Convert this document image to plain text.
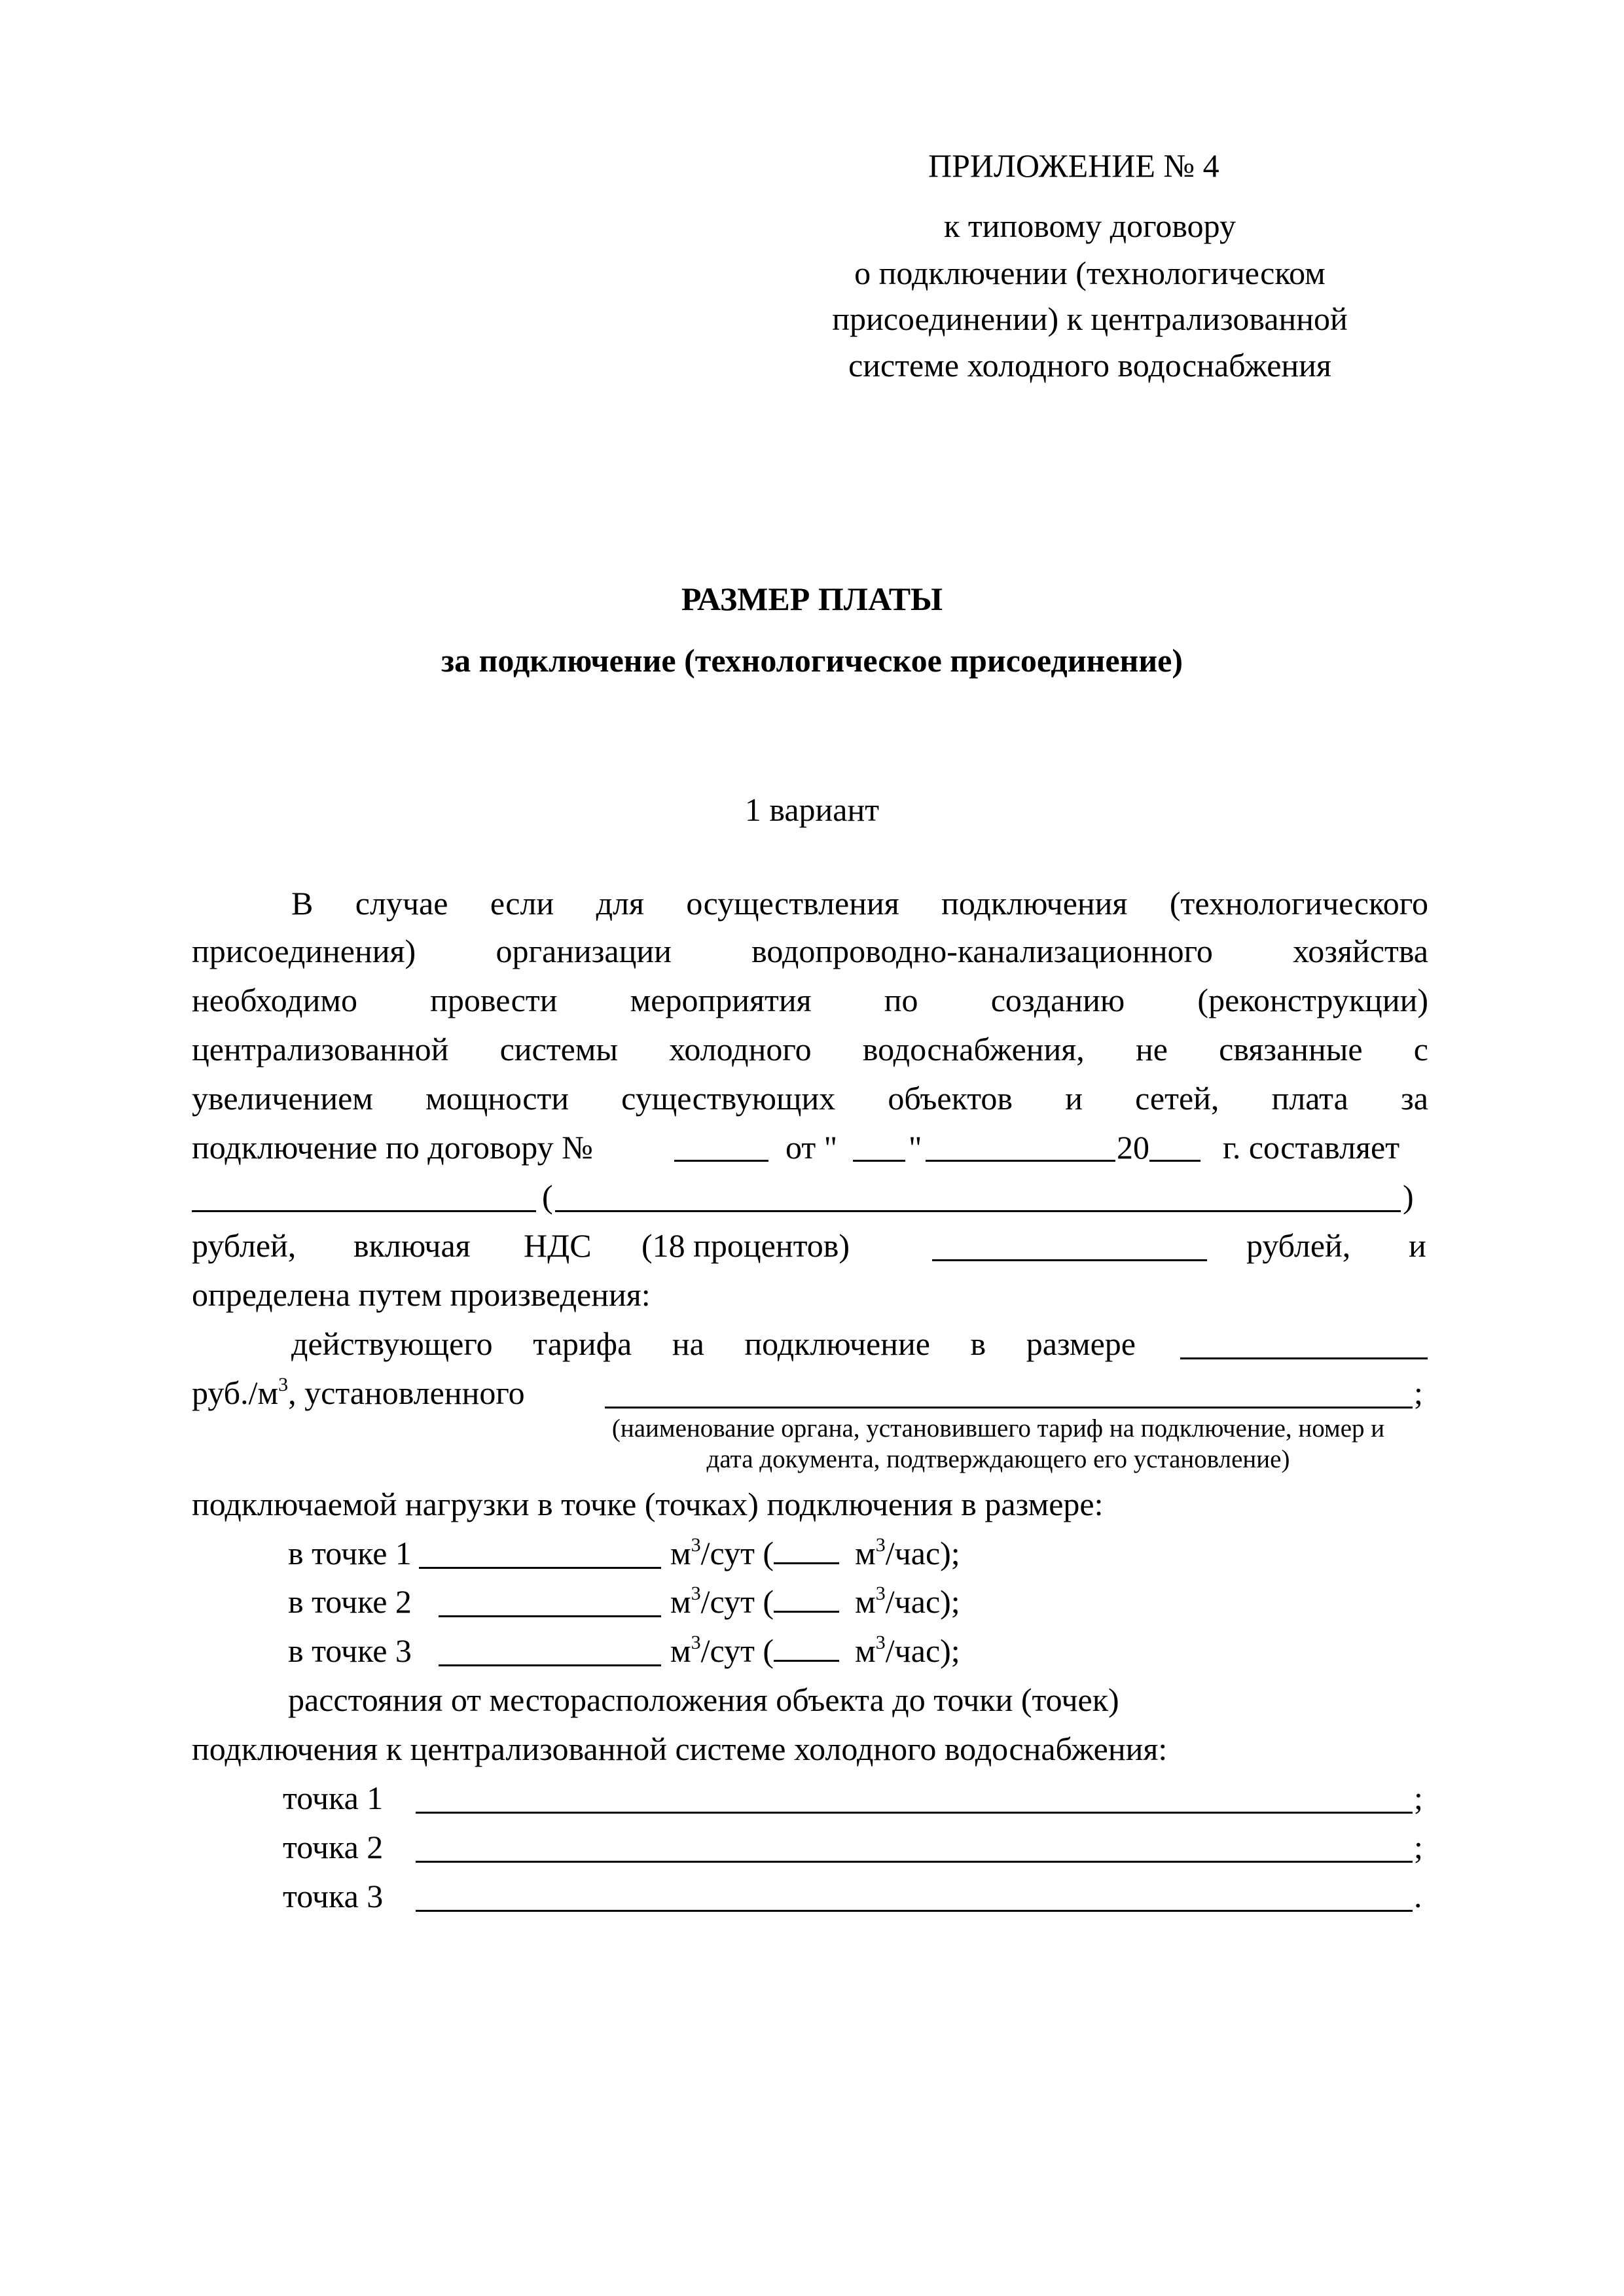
ПРИЛОЖЕНИЕ № 4
к типовому договору
о подключении (технологическом
присоединении) к централизованной
системе холодного водоснабжения
РАЗМЕР ПЛАТЫ
за подключение (технологическое присоединение)
1 вариант
В случае если для осуществления подключения (технологического
присоединения) организации водопроводно-канализационного хозяйства
необходимо провести мероприятия по созданию (реконструкции)
централизованной системы холодного водоснабжения, не связанные с
увеличением мощности существующих объектов и сетей, плата за
подключение по договору №	от " "	20 г. составляет
(	)
рублей, включая НДС (18 процентов)	рублей, и
определена путем произведения:
действующего тарифа на подключение в размере
$руб./м^3$, установленного	;
(наименование органа, установившего тариф на подключение, номер и
дата документа, подтверждающего его установление)
подключаемой нагрузки в точке (точках) подключения в размере:
в точке 1	$м^3$/сут ( $м^3/час$);
в точке 2	$м^3$/сут ( $м^3/час$);
в точке 3	$м^3$/сут ( $м^3/час$);
расстояния от месторасположения объекта до точки (точек)
подключения к централизованной системе холодного водоснабжения:
точка 1	;
точка 2	;
точка 3	.
